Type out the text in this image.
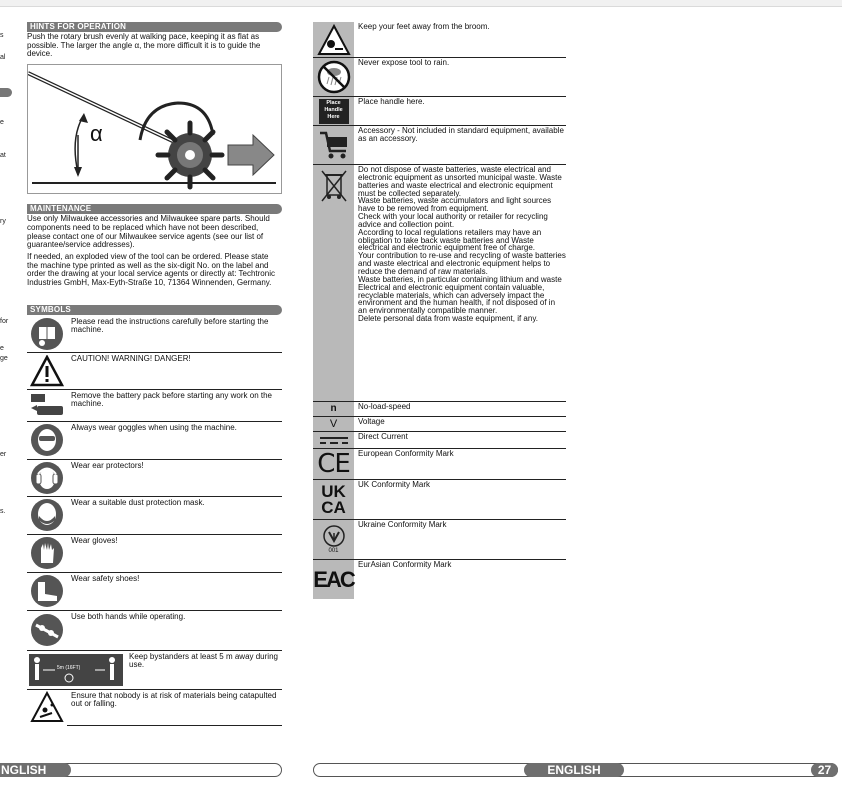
s
al
e
at
ry
for
e
ge
er
s.
HINTS FOR OPERATION

Push the rotary brush evenly at walking pace, keeping it as flat as possible. The larger the angle α, the more difficult it is to guide the device.

α
MAINTENANCE

Use only Milwaukee accessories and Milwaukee spare parts. Should components need to be replaced which have not been described, please contact one of our Milwaukee service agents (see our list of guarantee/service addresses).

If needed, an exploded view of the tool can be ordered. Please state the machine type printed as well as the six-digit No. on the label and order the drawing at your local service agents or directly at: Techtronic Industries GmbH, Max-Eyth-Straße 10, 71364 Winnenden, Germany.

SYMBOLS
Please read the instructions carefully before starting the machine.
CAUTION! WARNING! DANGER!
Remove the battery pack before starting any work on the machine.
Always wear goggles when using the machine.
Wear ear protectors!
Wear a suitable dust protection mask.
Wear gloves!
Wear safety shoes!
Use both hands while operating.
5m (16FT)
Keep bystanders at least 5 m away during use.
Ensure that nobody is at risk of materials being catapulted out or falling.
Keep your feet away from the broom.
Never expose tool to rain.
Place
Handle
Here
Place handle here.
Accessory - Not included in standard equipment, available as an accessory.
Do not dispose of waste batteries, waste electrical and electronic equipment as unsorted municipal waste. Waste batteries and waste electrical and electronic equipment must be collected separately.
Waste batteries, waste accumulators and light sources have to be removed from equipment.
Check with your local authority or retailer for recycling advice and collection point.
According to local regulations retailers may have an obligation to take back waste batteries and Waste electrical and electronic equipment free of charge.
Your contribution to re-use and recycling of waste batteries and waste electrical and electronic equipment helps to reduce the demand of raw materials.
Waste batteries, in particular containing lithium and waste Electrical and electronic equipment contain valuable, recyclable materials, which can adversely impact the environment and the human health, if not disposed of in an environmentally compatible manner.
Delete personal data from waste equipment, if any.
n	No-load-speed
V	Voltage
Direct Current
CE	European Conformity Mark
UK
CA
UK Conformity Mark
001
Ukraine Conformity Mark
EAC
EurAsian Conformity Mark
NGLISH	ENGLISH	27
